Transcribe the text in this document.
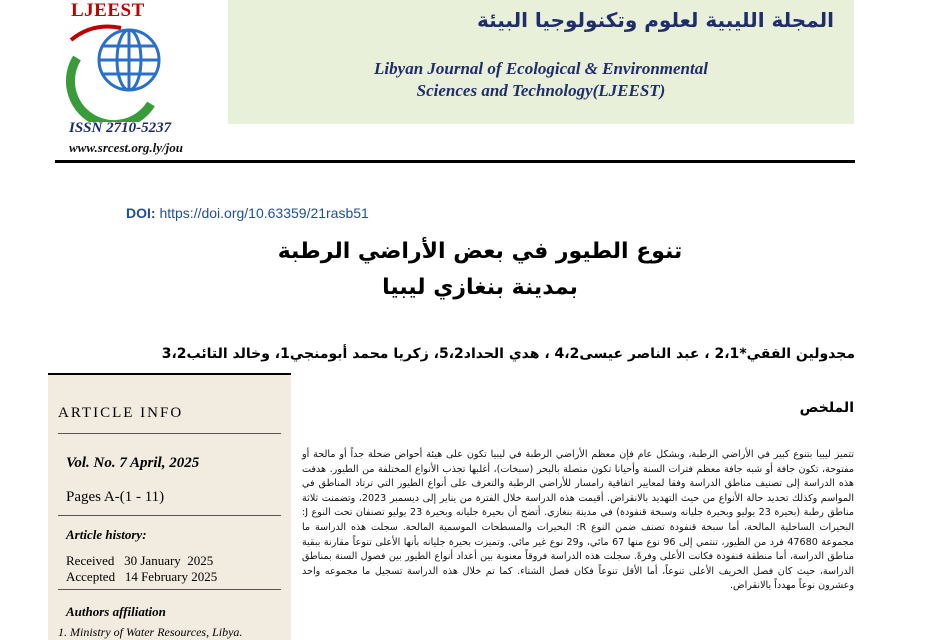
LJEEST
ISSN 2710-5237
www.srcest.org.ly/jou
المجلة الليبية لعلوم وتكنولوجيا البيئة
Libyan Journal of Ecological & Environmental
Sciences and Technology(LJEEST)
DOI: https://doi.org/10.63359/21rasb51
تنوع الطيور في بعض الأراضي الرطبة
بمدينة بنغازي ليبيا
مجدولين الفقي*2،1 ، عبد الناصر عيسى4،2 ، هدي الحداد5،2، زكريا محمد أبومنجي1، وخالد التائب3،2
ARTICLE INFO
Vol. No. 7 April, 2025
Pages A-(1 - 11)
Article history:
Received   30 January  2025
Accepted   14 February 2025
Authors affiliation
1. Ministry of Water Resources, Libya.
الملخص
تتميز ليبيا بتنوع كبير في الأراضي الرطبة، وبشكل عام فإن معظم الأراضي الرطبة في ليبيا تكون على هيئة أحواض ضحلة جداً أو مالحة أو مفتوحة، تكون جافة أو شبه جافة معظم فترات السنة وأحيانا تكون متصلة بالبحر (سبخات)، أغلبها تجذب الأنواع المختلفة من الطيور. هدفت هذه الدراسة إلى تصنيف مناطق الدراسة وفقا لمعايير اتفاقية رامسار للأراضي الرطبة والتعرف على أنواع الطيور التي ترتاد المناطق في المواسم وكذلك تحديد حالة الأنواع من حيث التهديد بالانقراض. أقيمت هذه الدراسة خلال الفترة من يناير إلى ديسمبر 2023، وتضمنت ثلاثة مناطق رطبة (بحيرة 23 يوليو وبحيرة جليانه وسبخة قنفودة) في مدينة بنغازي. أتضح أن بحيرة جليانه وبحيرة 23 يوليو تصنفان تحت النوع J: البحيرات الساحلية المالحة، أما سبخة قنفودة تصنف ضمن النوع R: البحيرات والمسطحات الموسمية المالحة. سجلت هذه الدراسة ما مجموعة 47680 فرد من الطيور، تنتمي إلى 96 نوع منها 67 مائي، و29 نوع غير مائي. وتميزت بحيرة جليانه بأنها الأعلى تنوعاً مقارنة ببقية مناطق الدراسة، أما منطقة قنفودة فكانت الأعلى وفرةً. سجلت هذه الدراسة فروقاً معنوية بين أعداد أنواع الطيور بين فصول السنة بمناطق الدراسة، حيث كان فصل الخريف الأعلى تنوعاً، أما الأقل تنوعاً فكان فصل الشتاء. كما تم خلال هذه الدراسة تسجيل ما مجموعه واحد وعشرون نوعاً مهدداً بالانقراض.
